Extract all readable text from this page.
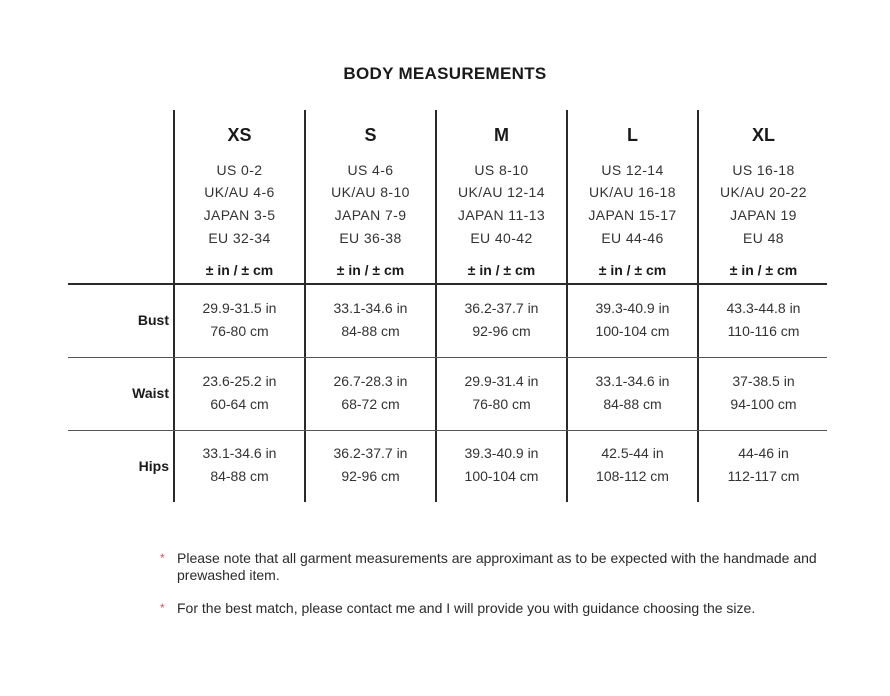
BODY MEASUREMENTS
XS
US 0-2
UK/AU 4-6
JAPAN 3-5
EU 32-34
± in / ± cm
S
US 4-6
UK/AU 8-10
JAPAN 7-9
EU 36-38
± in / ± cm
M
US 8-10
UK/AU 12-14
JAPAN 11-13
EU 40-42
± in / ± cm
L
US 12-14
UK/AU 16-18
JAPAN 15-17
EU 44-46
± in / ± cm
XL
US 16-18
UK/AU 20-22
JAPAN 19
EU 48
± in / ± cm
Bust
Waist
Hips
29.9-31.5 in
76-80 cm
33.1-34.6 in
84-88 cm
36.2-37.7 in
92-96 cm
39.3-40.9 in
100-104 cm
43.3-44.8 in
110-116 cm
23.6-25.2 in
60-64 cm
26.7-28.3 in
68-72 cm
29.9-31.4 in
76-80 cm
33.1-34.6 in
84-88 cm
37-38.5 in
94-100 cm
33.1-34.6 in
84-88 cm
36.2-37.7 in
92-96 cm
39.3-40.9 in
100-104 cm
42.5-44 in
108-112 cm
44-46 in
112-117 cm
* Please note that all garment measurements are approximant as to be expected with the handmade and prewashed item.
* For the best match, please contact me and I will provide you with guidance choosing the size.
